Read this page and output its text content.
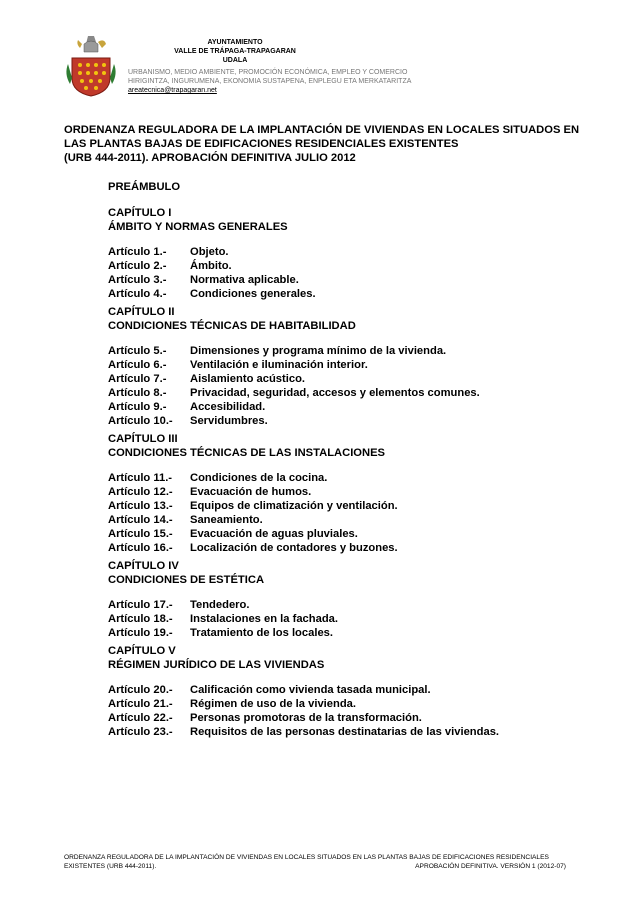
AYUNTAMIENTO
VALLE DE TRÁPAGA-TRAPAGARAN
UDALA
URBANISMO, MEDIO AMBIENTE, PROMOCIÓN ECONÓMICA, EMPLEO Y COMERCIO
HIRIGINTZA, INGURUMENA, EKONOMIA SUSTAPENA, ENPLEGU ETA MERKATARITZA
areatecnica@trapagaran.net
ORDENANZA REGULADORA DE LA IMPLANTACIÓN DE VIVIENDAS EN LOCALES SITUADOS EN
LAS PLANTAS BAJAS DE EDIFICACIONES RESIDENCIALES EXISTENTES
(URB 444-2011). APROBACIÓN DEFINITIVA JULIO 2012
PREÁMBULO
CAPÍTULO I
ÁMBITO Y NORMAS GENERALES
Artículo 1.- Objeto.
Artículo 2.- Ámbito.
Artículo 3.- Normativa aplicable.
Artículo 4.- Condiciones generales.
CAPÍTULO II
CONDICIONES TÉCNICAS DE HABITABILIDAD
Artículo 5.- Dimensiones y programa mínimo de la vivienda.
Artículo 6.- Ventilación e iluminación interior.
Artículo 7.- Aislamiento acústico.
Artículo 8.- Privacidad, seguridad, accesos y elementos comunes.
Artículo 9.- Accesibilidad.
Artículo 10.- Servidumbres.
CAPÍTULO III
CONDICIONES TÉCNICAS DE LAS INSTALACIONES
Artículo 11.- Condiciones de la cocina.
Artículo 12.- Evacuación de humos.
Artículo 13.- Equipos de climatización y ventilación.
Artículo 14.- Saneamiento.
Artículo 15.- Evacuación de aguas pluviales.
Artículo 16.- Localización de contadores y buzones.
CAPÍTULO IV
CONDICIONES DE ESTÉTICA
Artículo 17.- Tendedero.
Artículo 18.- Instalaciones en la fachada.
Artículo 19.- Tratamiento de los locales.
CAPÍTULO V
RÉGIMEN JURÍDICO DE LAS VIVIENDAS
Artículo 20.- Calificación como vivienda tasada municipal.
Artículo 21.- Régimen de uso de la vivienda.
Artículo 22.- Personas promotoras de la transformación.
Artículo 23.- Requisitos de las personas destinatarias de las viviendas.
ORDENANZA REGULADORA DE LA IMPLANTACIÓN DE VIVIENDAS EN LOCALES SITUADOS EN LAS PLANTAS BAJAS DE EDIFICACIONES RESIDENCIALES
EXISTENTES (URB 444-2011).	APROBACIÓN DEFINITIVA. VERSIÓN 1 (2012-07)
